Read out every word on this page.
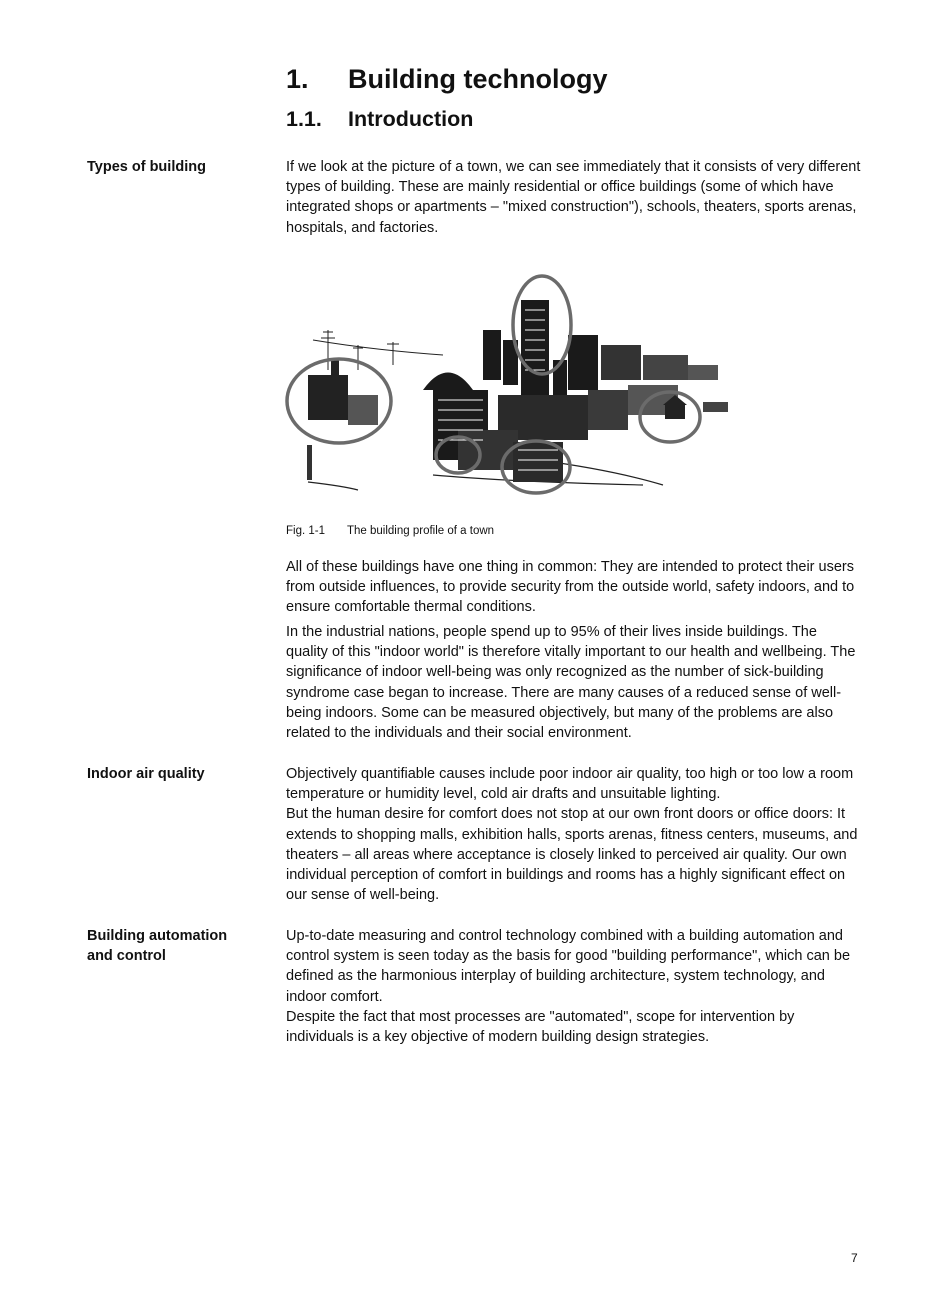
1. Building technology
1.1. Introduction
Types of building	If we look at the picture of a town, we can see immediately that it consists of very different types of building. These are mainly residential or office buildings (some of which have integrated shops or apartments – "mixed construction"), schools, theaters, sports arenas, hospitals, and factories.

Fig. 1-1 The building profile of a town

All of these buildings have one thing in common: They are intended to protect their users from outside influences, to provide security from the outside world, safety indoors, and to ensure comfortable thermal conditions.

In the industrial nations, people spend up to 95% of their lives inside buildings. The quality of this "indoor world" is therefore vitally important to our health and wellbeing. The significance of indoor well-being was only recognized as the number of sick-building syndrome case began to increase. There are many causes of a reduced sense of well-being indoors. Some can be measured objectively, but many of the problems are also related to the individuals and their social environment.

Indoor air quality	Objectively quantifiable causes include poor indoor air quality, too high or too low a room temperature or humidity level, cold air drafts and unsuitable lighting.

But the human desire for comfort does not stop at our own front doors or office doors: It extends to shopping malls, exhibition halls, sports arenas, fitness centers, museums, and theaters – all areas where acceptance is closely linked to perceived air quality. Our own individual perception of comfort in buildings and rooms has a highly significant effect on our sense of well-being.

Building automation
and control

Up-to-date measuring and control technology combined with a building automation and control system is seen today as the basis for good "building performance", which can be defined as the harmonious interplay of building architecture, system technology, and indoor comfort.

Despite the fact that most processes are "automated", scope for intervention by individuals is a key objective of modern building design strategies.

7
